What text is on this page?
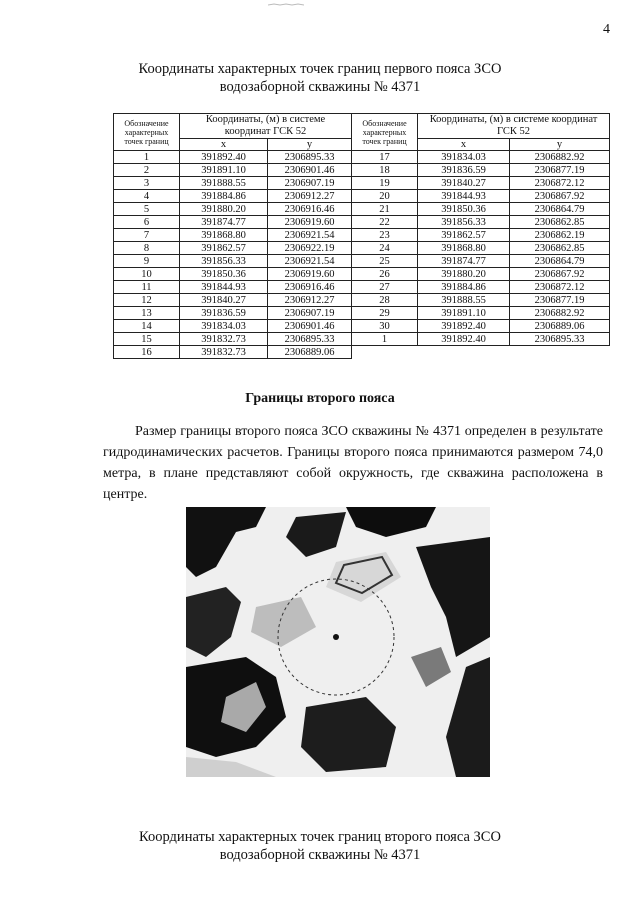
4
Координаты характерных точек границ первого пояса ЗСО
водозаборной скважины № 4371
Обозначение характерных точек границ	Координаты, (м) в системе координат ГСК 52		Обозначение характерных точек границ	Координаты, (м) в системе координат ГСК 52	
	x	y		x	y
1	391892.40	2306895.33	17	391834.03	2306882.92
2	391891.10	2306901.46	18	391836.59	2306877.19
3	391888.55	2306907.19	19	391840.27	2306872.12
4	391884.86	2306912.27	20	391844.93	2306867.92
5	391880.20	2306916.46	21	391850.36	2306864.79
6	391874.77	2306919.60	22	391856.33	2306862.85
7	391868.80	2306921.54	23	391862.57	2306862.19
8	391862.57	2306922.19	24	391868.80	2306862.85
9	391856.33	2306921.54	25	391874.77	2306864.79
10	391850.36	2306919.60	26	391880.20	2306867.92
11	391844.93	2306916.46	27	391884.86	2306872.12
12	391840.27	2306912.27	28	391888.55	2306877.19
13	391836.59	2306907.19	29	391891.10	2306882.92
14	391834.03	2306901.46	30	391892.40	2306889.06
15	391832.73	2306895.33	1	391892.40	2306895.33
16	391832.73	2306889.06			
Границы второго пояса
Размер границы второго пояса ЗСО скважины № 4371 определен в результате гидродинамических расчетов. Границы второго пояса принимаются размером 74,0 метра, в плане представляют собой окружность, где скважина расположена в центре.
Координаты характерных точек границ второго пояса ЗСО
водозаборной скважины № 4371
